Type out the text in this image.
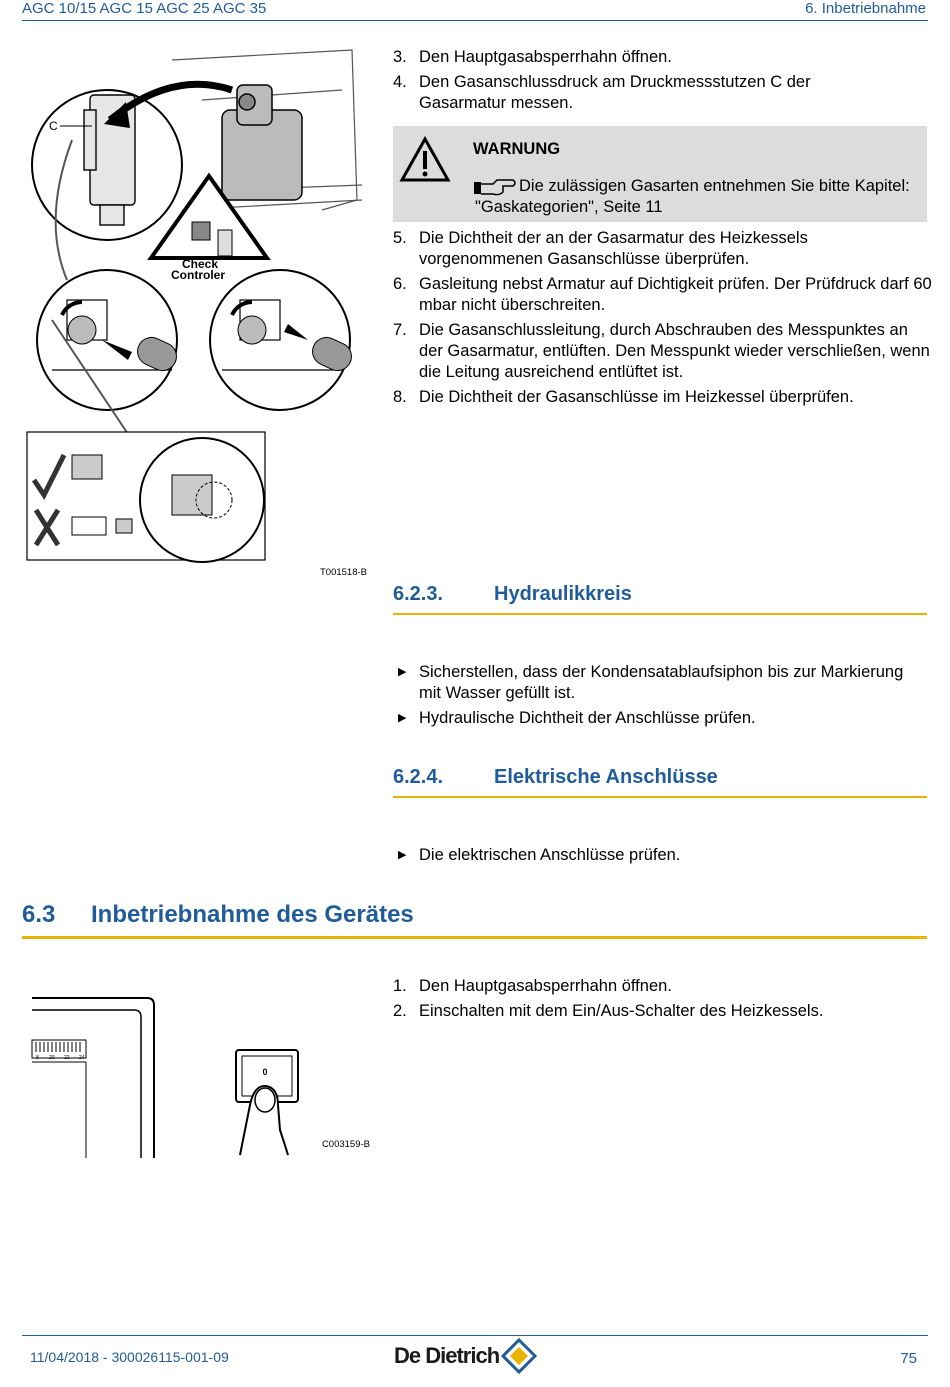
AGC 10/15 AGC 15 AGC 25 AGC 35	6. Inbetriebnahme
C
Check
Controler
T001518-B
3. Den Hauptgasabsperrhahn öffnen.
4. Den Gasanschlussdruck am Druckmessstutzen C der Gasarmatur messen.
WARNUNG
Die zulässigen Gasarten entnehmen Sie bitte Kapitel: "Gaskategorien", Seite 11
5. Die Dichtheit der an der Gasarmatur des Heizkessels vorgenommenen Gasanschlüsse überprüfen.
6. Gasleitung nebst Armatur auf Dichtigkeit prüfen. Der Prüfdruck darf 60 mbar nicht überschreiten.
7. Die Gasanschlussleitung, durch Abschrauben des Messpunktes an der Gasarmatur, entlüften. Den Messpunkt wieder verschließen, wenn die Leitung ausreichend entlüftet ist.
8. Die Dichtheit der Gasanschlüsse im Heizkessel überprüfen.
6.2.3.	Hydraulikkreis
▶ Sicherstellen, dass der Kondensatablaufsiphon bis zur Markierung mit Wasser gefüllt ist.
▶ Hydraulische Dichtheit der Anschlüsse prüfen.
6.2.4.	Elektrische Anschlüsse
▶ Die elektrischen Anschlüsse prüfen.
6.3 Inbetriebnahme des Gerätes
1. Den Hauptgasabsperrhahn öffnen.
2. Einschalten mit dem Ein/Aus-Schalter des Heizkessels.
8 20 22 24
0
C003159-B
11/04/2018 - 300026115-001-09	De Dietrich	75
